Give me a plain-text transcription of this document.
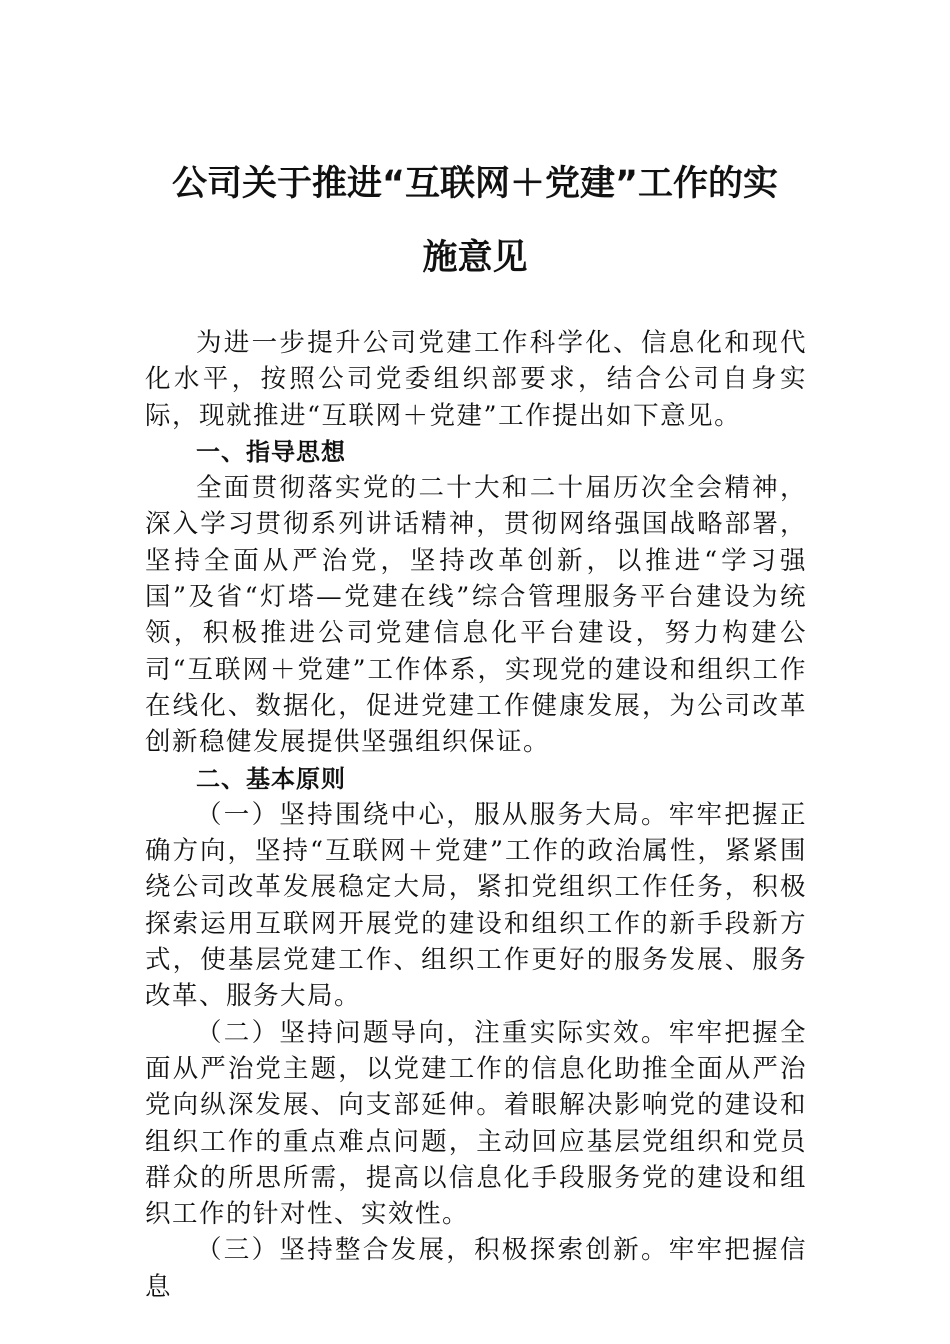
公司关于推进“互联网＋党建”工作的实
施意见

为进一步提升公司党建工作科学化、信息化和现代化水平，按照公司党委组织部要求，结合公司自身实际，现就推进“互联网＋党建”工作提出如下意见。

一、指导思想

全面贯彻落实党的二十大和二十届历次全会精神，深入学习贯彻系列讲话精神，贯彻网络强国战略部署，坚持全面从严治党，坚持改革创新，以推进“学习强国”及省“灯塔—党建在线”综合管理服务平台建设为统领，积极推进公司党建信息化平台建设，努力构建公司“互联网＋党建”工作体系，实现党的建设和组织工作在线化、数据化，促进党建工作健康发展，为公司改革创新稳健发展提供坚强组织保证。

二、基本原则

（一）坚持围绕中心，服从服务大局。牢牢把握正确方向，坚持“互联网＋党建”工作的政治属性，紧紧围绕公司改革发展稳定大局，紧扣党组织工作任务，积极探索运用互联网开展党的建设和组织工作的新手段新方式，使基层党建工作、组织工作更好的服务发展、服务改革、服务大局。

（二）坚持问题导向，注重实际实效。牢牢把握全面从严治党主题，以党建工作的信息化助推全面从严治党向纵深发展、向支部延伸。着眼解决影响党的建设和组织工作的重点难点问题，主动回应基层党组织和党员群众的所思所需，提高以信息化手段服务党的建设和组织工作的针对性、实效性。

（三）坚持整合发展，积极探索创新。牢牢把握信息
